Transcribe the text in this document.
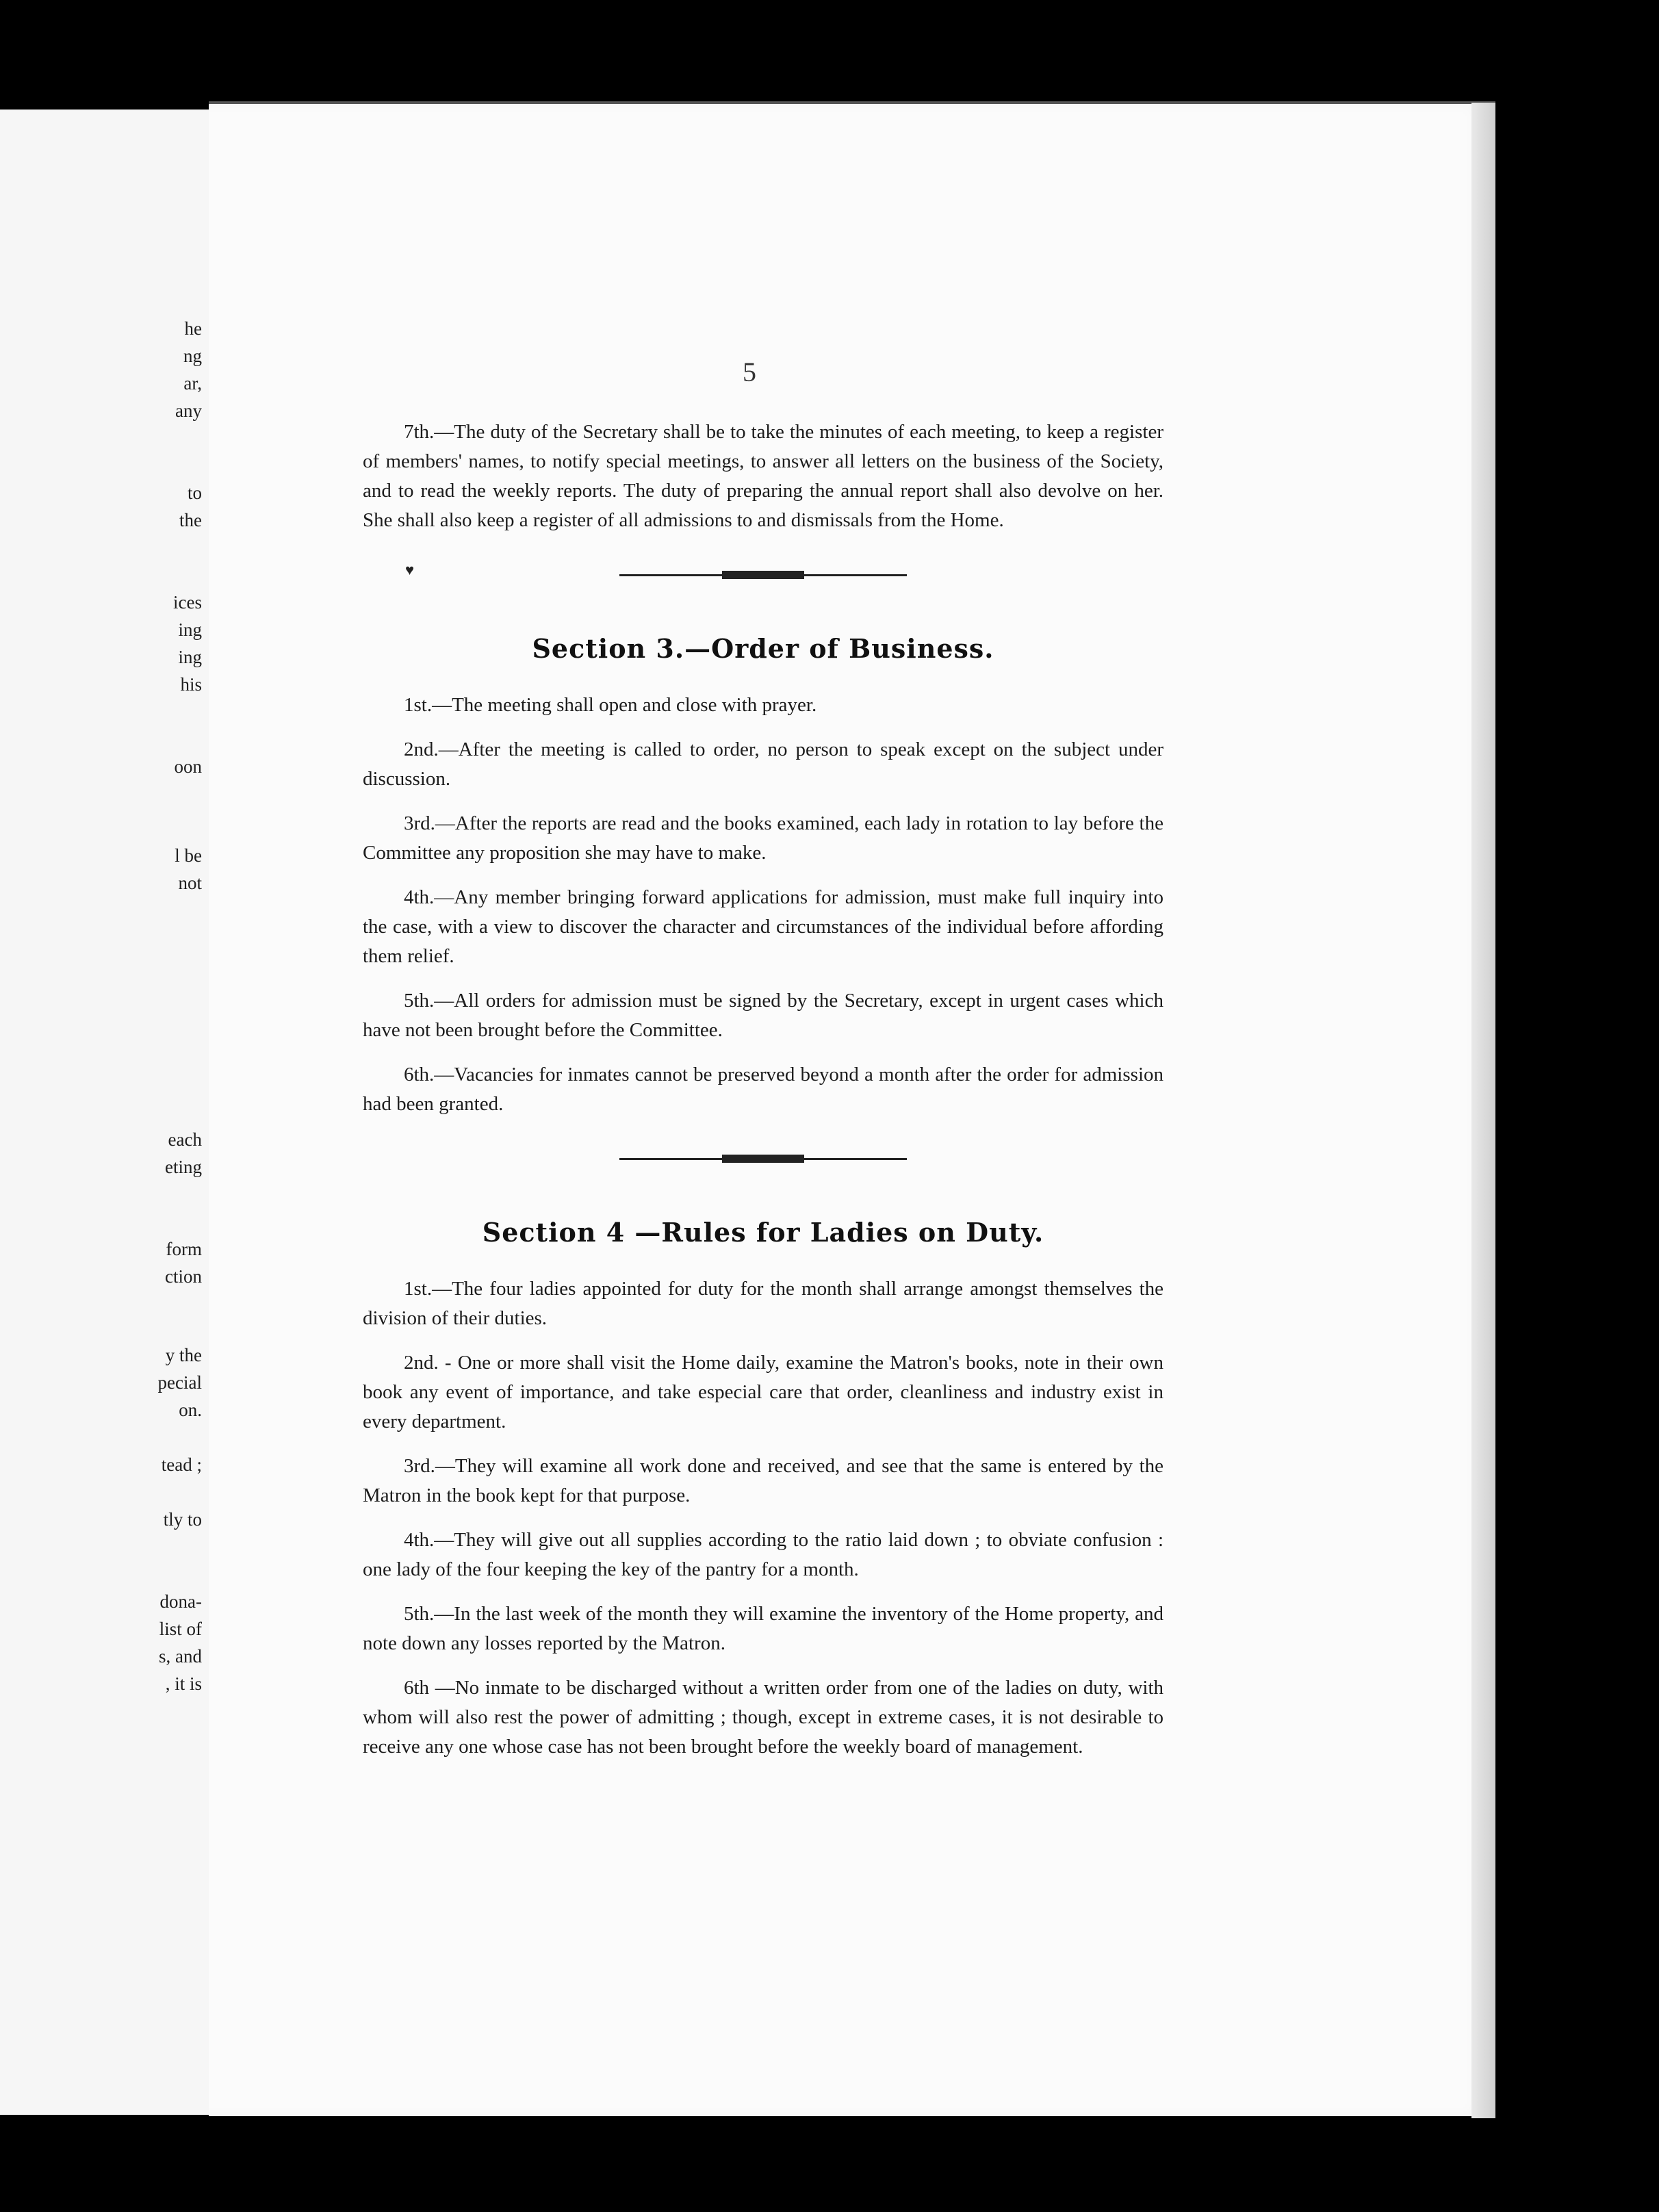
he
ng
ar,
any
to
the
ices
ing
ing
his
oon
l be
not
each
eting
form
ction
y the
pecial
on.
tead ;
tly to
dona-
list of
s, and
, it is
5

7th.—The duty of the Secretary shall be to take the minutes of each meeting, to keep a register of members' names, to notify special meetings, to answer all letters on the business of the Society, and to read the weekly reports. The duty of preparing the annual report shall also devolve on her. She shall also keep a register of all admissions to and dismissals from the Home.

Section 3.—Order of Business.

1st.—The meeting shall open and close with prayer.

2nd.—After the meeting is called to order, no person to speak except on the subject under discussion.

3rd.—After the reports are read and the books examined, each lady in rotation to lay before the Committee any proposition she may have to make.

4th.—Any member bringing forward applications for admission, must make full inquiry into the case, with a view to discover the character and circumstances of the individual before affording them relief.

5th.—All orders for admission must be signed by the Secretary, except in urgent cases which have not been brought before the Committee.

6th.—Vacancies for inmates cannot be preserved beyond a month after the order for admission had been granted.

Section 4 —Rules for Ladies on Duty.

1st.—The four ladies appointed for duty for the month shall arrange amongst themselves the division of their duties.

2nd. - One or more shall visit the Home daily, examine the Matron's books, note in their own book any event of importance, and take especial care that order, cleanliness and industry exist in every department.

3rd.—They will examine all work done and received, and see that the same is entered by the Matron in the book kept for that purpose.

4th.—They will give out all supplies according to the ratio laid down ; to obviate confusion : one lady of the four keeping the key of the pantry for a month.

5th.—In the last week of the month they will examine the inventory of the Home property, and note down any losses reported by the Matron.

6th —No inmate to be discharged without a written order from one of the ladies on duty, with whom will also rest the power of admitting ; though, except in extreme cases, it is not desirable to receive any one whose case has not been brought before the weekly board of management.

♥
